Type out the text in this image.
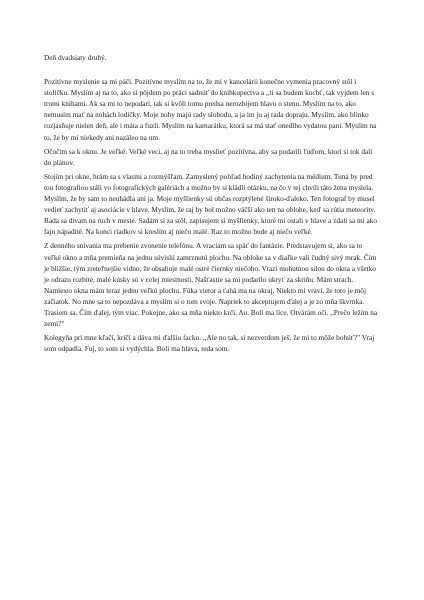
Deň dvadsiaty druhý.

Pozitívne myslenie sa mi páči. Pozitívne myslím na to, že mi v kancelárii konečne vymenia pracovný stôl i stoličku. Myslím aj na to, ako si pôjdem po práci sadnúť do knihkupectva a ,,ti sa budem kochť, tak vyjdem len s tromi knihami. Ak sa mi to nepodarí, tak si kvôli tomu predsa nerozbijem hlavu o stenu. Myslím na to, ako nemusím mať na nohách lodičky. Moje nohy majú rady slobodu, a ja im ju aj rada dopraju. Myslím, ako blinko rozjasňuje nielen deň, ale i máta a fuzli. Myslím na kamarátku, ktorá sa má stať onedlho vydatou pani. Myslím na to, že by mi niekedy ani nazáleo na um.

Očočím sa k oknu. Je veľké. Veľké veci, aj na to treba myslieť pozitívna, aby sa podarili ľuďom, ktorí si tok dali do plánov.

Stojím pri okne, hrám sa s vlasmi a rozmýšľam. Zamyslený pohľad hodiný zachytenia na médium. Tuná by pred tou fotografiou stáli vo fotografických galériách a možno by si kládli otázku, na čo v tej chvíli táto žena myslela. Myslím, že by sam to neuhádla ani ja. Moje myšlienky sú občas rozptýlené široko-ďaleko. Ten fotograf by musel vedieť zachytiť aj asociácie v hlave. Myslím, že raj by bol možno väčší ako ten na oblohe, keď sa rútia meteority. Rada sa dívam na ruch v meste. Sadám si za stôl, zapisujem si myšlienky, ktoré mi ostali v hlave a zdali sa mi ako fajn nápadité. Na konci riadkov si kreslím aj niečo malé. Raz to možno bude aj niečo veľké.

Z denného snívania ma prebenie zvonenie telefónu. A vraciam sa späť do fantázie. Predstavujem si, ako sa to veľké okno a mňa premieňa na jednu súvislú zamrznutú plochu. Na obloke sa v diaľke valí čudný sivý mrak. Čím je bližšie, tým zreteľnejšie vidno, že obsahuje malé ostré čiernky niečoho. Vrazí mohutnou silou do okna a všetko je odrazu rozbité, malé kúsky sú v celej miestnosti. Našťastie sa mi podarilo ukryť za skriňu. Mám strach. Namiesto okna mám teraz jednu veľkú plochu. Fúka vietor a ťahá ma na okraj. Niekto mi vraví, že toto je môj začiatok. No mne sa to nepozdáva a myslím si o tom svoje. Napriek to akceptujem ďalej a je zo mňa škvrnka. Trasiem sa. Čím ďalej, tým viac. Pokojne, ako sa mňa niekto krčí. Au. Bolí ma líce. Otvárám oči. ,,Prečo ležím na zemi?"

Kolegyňa pri mne kľačí, kričí a dáva mi ďalšiu facku. ,,Ale no tak, si nezverdom ješ, že mi to môže bohúť?" Vraj som odpadla. Fuj, to som si vydýchla. Bolí ma hlava, teda som.
